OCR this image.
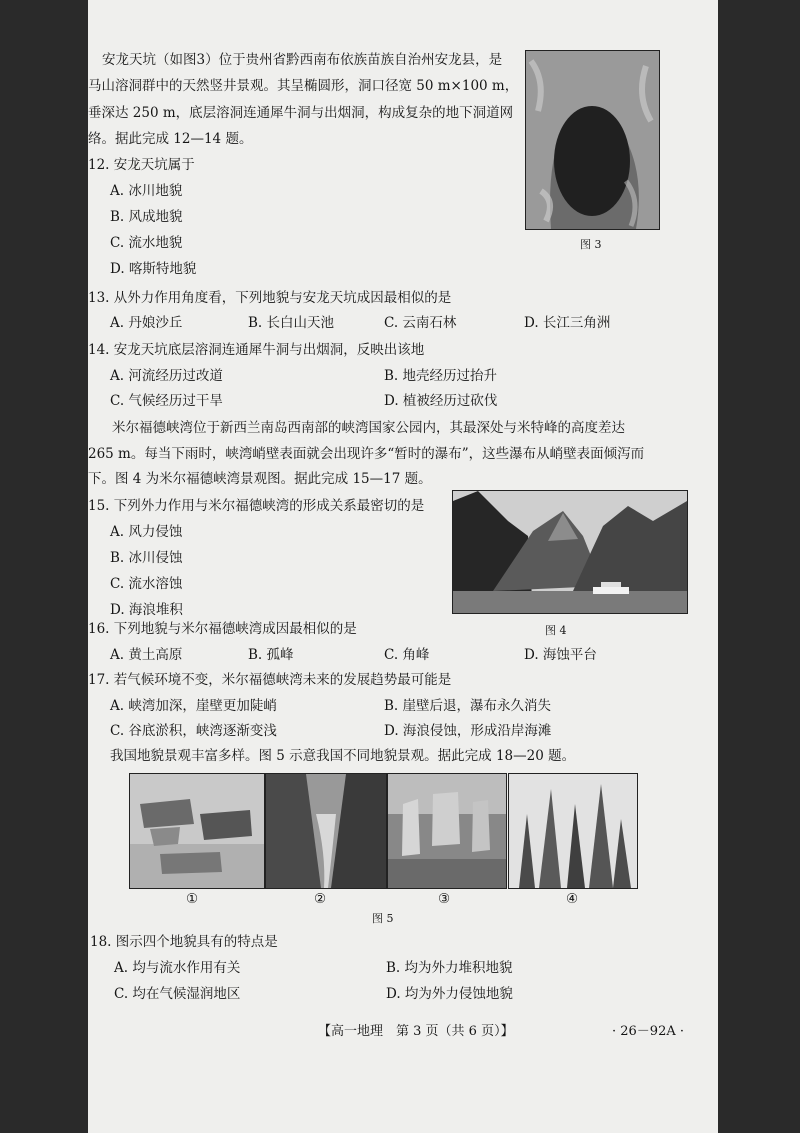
安龙天坑（如图3）位于贵州省黔西南布依族苗族自治州安龙县，是
马山溶洞群中的天然竖井景观。其呈椭圆形，洞口径宽 50 m×100 m，
垂深达 250 m，底层溶洞连通犀牛洞与出烟洞，构成复杂的地下洞道网
络。据此完成 12—14 题。
图 3
12. 安龙天坑属于
A. 冰川地貌
B. 风成地貌
C. 流水地貌
D. 喀斯特地貌
13. 从外力作用角度看，下列地貌与安龙天坑成因最相似的是
A. 丹娘沙丘	B. 长白山天池	C. 云南石林	D. 长江三角洲
14. 安龙天坑底层溶洞连通犀牛洞与出烟洞，反映出该地
A. 河流经历过改道	B. 地壳经历过抬升
C. 气候经历过干旱	D. 植被经历过砍伐
米尔福德峡湾位于新西兰南岛西南部的峡湾国家公园内，其最深处与米特峰的高度差达
265 m。每当下雨时，峡湾峭壁表面就会出现许多“暂时的瀑布”，这些瀑布从峭壁表面倾泻而
下。图 4 为米尔福德峡湾景观图。据此完成 15—17 题。
15. 下列外力作用与米尔福德峡湾的形成关系最密切的是
A. 风力侵蚀
B. 冰川侵蚀
C. 流水溶蚀
D. 海浪堆积
图 4
16. 下列地貌与米尔福德峡湾成因最相似的是
A. 黄土高原	B. 孤峰	C. 角峰	D. 海蚀平台
17. 若气候环境不变，米尔福德峡湾未来的发展趋势最可能是
A. 峡湾加深，崖壁更加陡峭	B. 崖壁后退，瀑布永久消失
C. 谷底淤积，峡湾逐渐变浅	D. 海浪侵蚀，形成沿岸海滩
我国地貌景观丰富多样。图 5 示意我国不同地貌景观。据此完成 18—20 题。
①	②	③	④
图 5
18. 图示四个地貌具有的特点是
A. 均与流水作用有关	B. 均为外力堆积地貌
C. 均在气候湿润地区	D. 均为外力侵蚀地貌
【高一地理　第 3 页（共 6 页）】	· 26－92A ·
